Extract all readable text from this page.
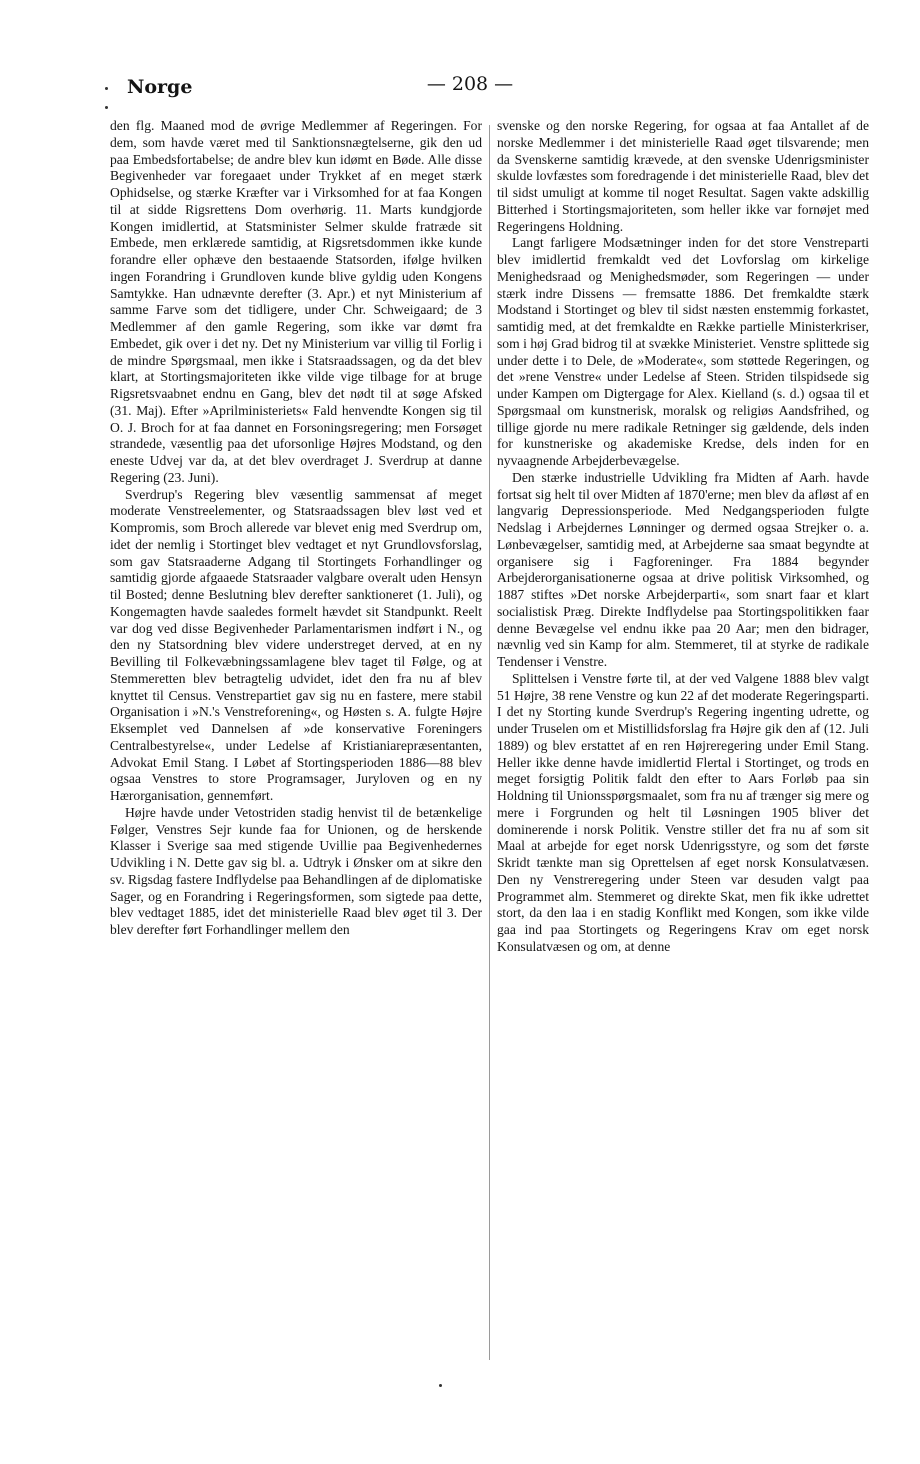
Norge	— 208 —

den flg. Maaned mod de øvrige Medlemmer af Regeringen. For dem, som havde været med til Sanktionsnægtelserne, gik den ud paa Embedsfortabelse; de andre blev kun idømt en Bøde. Alle disse Begivenheder var foregaaet under Trykket af en meget stærk Ophidselse, og stærke Kræfter var i Virksomhed for at faa Kongen til at sidde Rigsrettens Dom overhørig. 11. Marts kundgjorde Kongen imidlertid, at Statsminister Selmer skulde fratræde sit Embede, men erklærede samtidig, at Rigsretsdommen ikke kunde forandre eller ophæve den bestaaende Statsorden, ifølge hvilken ingen Forandring i Grundloven kunde blive gyldig uden Kongens Samtykke. Han udnævnte derefter (3. Apr.) et nyt Ministerium af samme Farve som det tidligere, under Chr. Schweigaard; de 3 Medlemmer af den gamle Regering, som ikke var dømt fra Embedet, gik over i det ny. Det ny Ministerium var villig til Forlig i de mindre Spørgsmaal, men ikke i Statsraadssagen, og da det blev klart, at Stortingsmajoriteten ikke vilde vige tilbage for at bruge Rigsretsvaabnet endnu en Gang, blev det nødt til at søge Afsked (31. Maj). Efter »Aprilministeriets« Fald henvendte Kongen sig til O. J. Broch for at faa dannet en Forsoningsregering; men Forsøget strandede, væsentlig paa det uforsonlige Højres Modstand, og den eneste Udvej var da, at det blev overdraget J. Sverdrup at danne Regering (23. Juni).

Sverdrup's Regering blev væsentlig sammensat af meget moderate Venstreelementer, og Statsraadssagen blev løst ved et Kompromis, som Broch allerede var blevet enig med Sverdrup om, idet der nemlig i Stortinget blev vedtaget et nyt Grundlovsforslag, som gav Statsraaderne Adgang til Stortingets Forhandlinger og samtidig gjorde afgaaede Statsraader valgbare overalt uden Hensyn til Bosted; denne Beslutning blev derefter sanktioneret (1. Juli), og Kongemagten havde saaledes formelt hævdet sit Standpunkt. Reelt var dog ved disse Begivenheder Parlamentarismen indført i N., og den ny Statsordning blev videre understreget derved, at en ny Bevilling til Folkevæbningssamlagene blev taget til Følge, og at Stemmeretten blev betragtelig udvidet, idet den fra nu af blev knyttet til Census. Venstrepartiet gav sig nu en fastere, mere stabil Organisation i »N.'s Venstreforening«, og Høsten s. A. fulgte Højre Eksemplet ved Dannelsen af »de konservative Foreningers Centralbestyrelse«, under Ledelse af Kristianiarepræsentanten, Advokat Emil Stang. I Løbet af Stortingsperioden 1886—88 blev ogsaa Venstres to store Programsager, Juryloven og en ny Hærorganisation, gennemført.

Højre havde under Vetostriden stadig henvist til de betænkelige Følger, Venstres Sejr kunde faa for Unionen, og de herskende Klasser i Sverige saa med stigende Uvillie paa Begivenhedernes Udvikling i N. Dette gav sig bl. a. Udtryk i Ønsker om at sikre den sv. Rigsdag fastere Indflydelse paa Behandlingen af de diplomatiske Sager, og en Forandring i Regeringsformen, som sigtede paa dette, blev vedtaget 1885, idet det ministerielle Raad blev øget til 3. Der blev derefter ført Forhandlinger mellem den

svenske og den norske Regering, for ogsaa at faa Antallet af de norske Medlemmer i det ministerielle Raad øget tilsvarende; men da Svenskerne samtidig krævede, at den svenske Udenrigsminister skulde lovfæstes som foredragende i det ministerielle Raad, blev det til sidst umuligt at komme til noget Resultat. Sagen vakte adskillig Bitterhed i Stortingsmajoriteten, som heller ikke var fornøjet med Regeringens Holdning.

Langt farligere Modsætninger inden for det store Venstreparti blev imidlertid fremkaldt ved det Lovforslag om kirkelige Menighedsraad og Menighedsmøder, som Regeringen — under stærk indre Dissens — fremsatte 1886. Det fremkaldte stærk Modstand i Stortinget og blev til sidst næsten enstemmig forkastet, samtidig med, at det fremkaldte en Række partielle Ministerkriser, som i høj Grad bidrog til at svække Ministeriet. Venstre splittede sig under dette i to Dele, de »Moderate«, som støttede Regeringen, og det »rene Venstre« under Ledelse af Steen. Striden tilspidsede sig under Kampen om Digtergage for Alex. Kielland (s. d.) ogsaa til et Spørgsmaal om kunstnerisk, moralsk og religiøs Aandsfrihed, og tillige gjorde nu mere radikale Retninger sig gældende, dels inden for kunstneriske og akademiske Kredse, dels inden for en nyvaagnende Arbejderbevægelse.

Den stærke industrielle Udvikling fra Midten af Aarh. havde fortsat sig helt til over Midten af 1870'erne; men blev da afløst af en langvarig Depressionsperiode. Med Nedgangsperioden fulgte Nedslag i Arbejdernes Lønninger og dermed ogsaa Strejker o. a. Lønbevægelser, samtidig med, at Arbejderne saa smaat begyndte at organisere sig i Fagforeninger. Fra 1884 begynder Arbejderorganisationerne ogsaa at drive politisk Virksomhed, og 1887 stiftes »Det norske Arbejderparti«, som snart faar et klart socialistisk Præg. Direkte Indflydelse paa Stortingspolitikken faar denne Bevægelse vel endnu ikke paa 20 Aar; men den bidrager, nævnlig ved sin Kamp for alm. Stemmeret, til at styrke de radikale Tendenser i Venstre.

Splittelsen i Venstre førte til, at der ved Valgene 1888 blev valgt 51 Højre, 38 rene Venstre og kun 22 af det moderate Regeringsparti. I det ny Storting kunde Sverdrup's Regering ingenting udrette, og under Truselen om et Mistillidsforslag fra Højre gik den af (12. Juli 1889) og blev erstattet af en ren Højreregering under Emil Stang. Heller ikke denne havde imidlertid Flertal i Stortinget, og trods en meget forsigtig Politik faldt den efter to Aars Forløb paa sin Holdning til Unionsspørgsmaalet, som fra nu af trænger sig mere og mere i Forgrunden og helt til Løsningen 1905 bliver det dominerende i norsk Politik. Venstre stiller det fra nu af som sit Maal at arbejde for eget norsk Udenrigsstyre, og som det første Skridt tænkte man sig Oprettelsen af eget norsk Konsulatvæsen. Den ny Venstreregering under Steen var desuden valgt paa Programmet alm. Stemmeret og direkte Skat, men fik ikke udrettet stort, da den laa i en stadig Konflikt med Kongen, som ikke vilde gaa ind paa Stortingets og Regeringens Krav om eget norsk Konsulatvæsen og om, at denne
